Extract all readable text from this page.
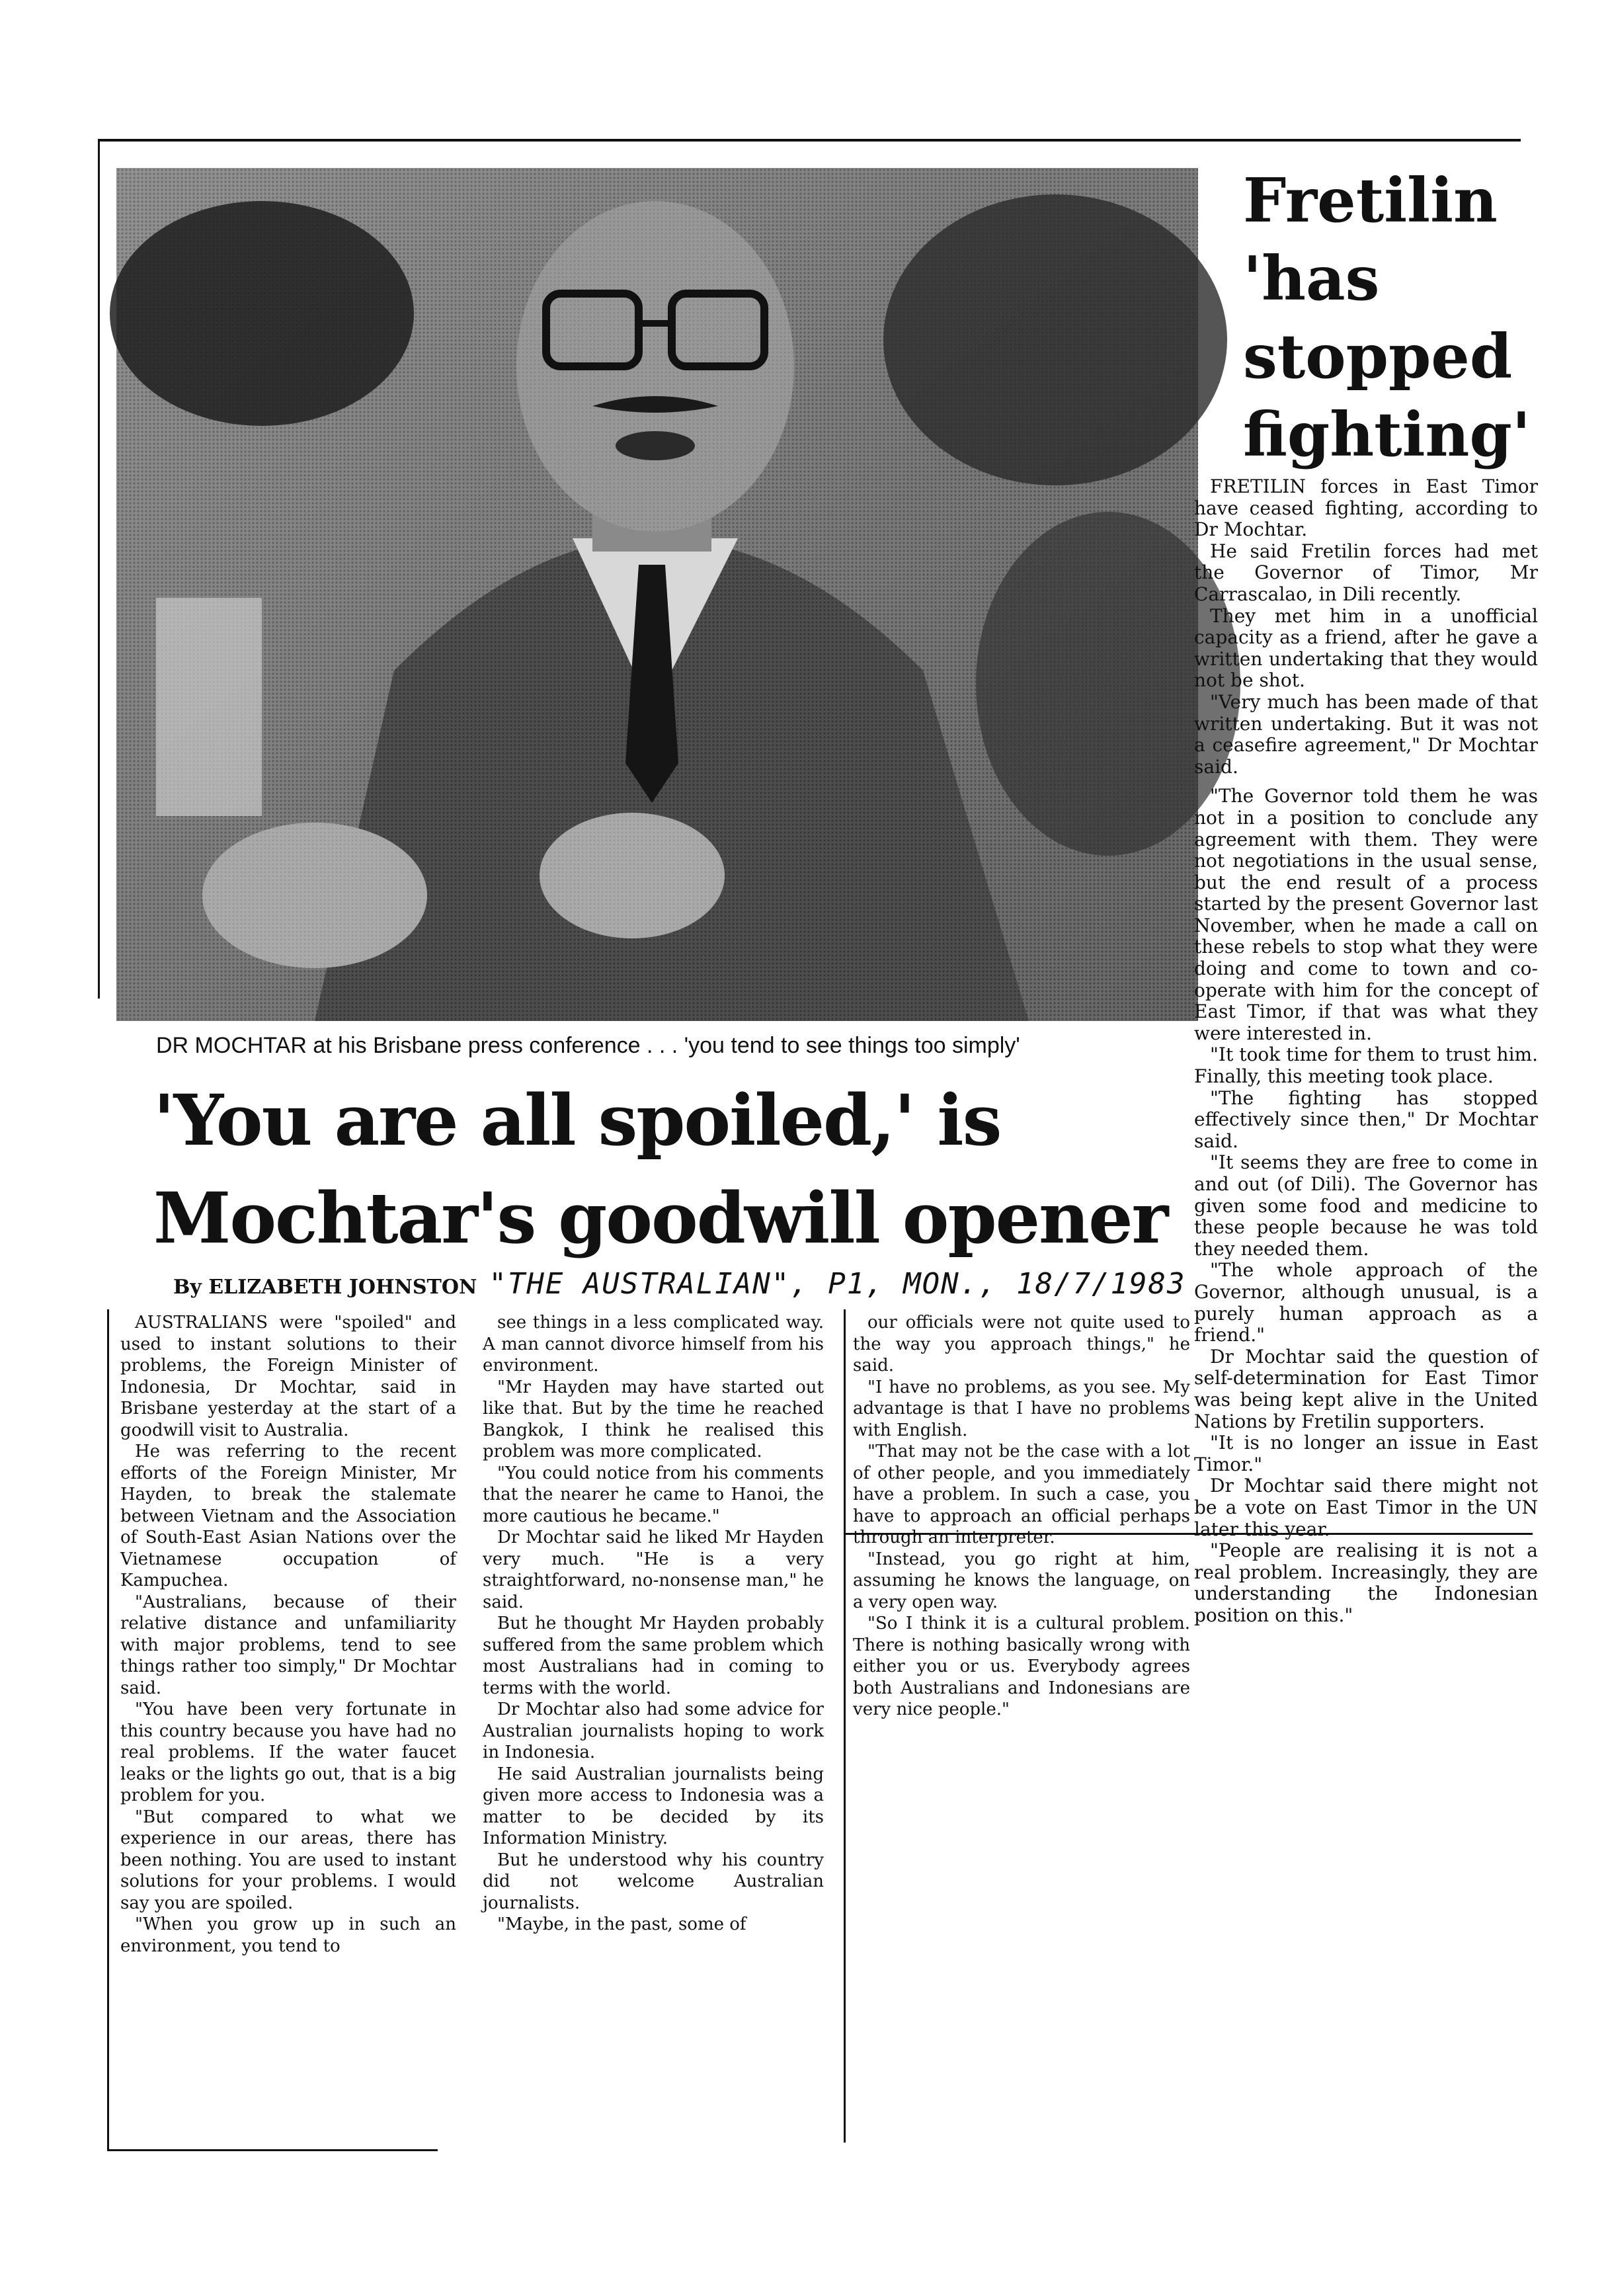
DR MOCHTAR at his Brisbane press conference . . . 'you tend to see things too simply'
'You are all spoiled,' is
Mochtar's goodwill opener
By ELIZABETH JOHNSTON "THE AUSTRALIAN", P1, MON., 18/7/1983

AUSTRALIANS were "spoiled" and used to instant solutions to their problems, the Foreign Minister of Indonesia, Dr Mochtar, said in Brisbane yesterday at the start of a goodwill visit to Australia.

He was referring to the recent efforts of the Foreign Minister, Mr Hayden, to break the stalemate between Vietnam and the Association of South-East Asian Nations over the Vietnamese occupation of Kampuchea.

"Australians, because of their relative distance and unfamiliarity with major problems, tend to see things rather too simply," Dr Mochtar said.

"You have been very fortunate in this country because you have had no real problems. If the water faucet leaks or the lights go out, that is a big problem for you.

"But compared to what we experience in our areas, there has been nothing. You are used to instant solutions for your problems. I would say you are spoiled.

"When you grow up in such an environment, you tend to

see things in a less complicated way. A man cannot divorce himself from his environment.

"Mr Hayden may have started out like that. But by the time he reached Bangkok, I think he realised this problem was more complicated.

"You could notice from his comments that the nearer he came to Hanoi, the more cautious he became."

Dr Mochtar said he liked Mr Hayden very much. "He is a very straightforward, no-nonsense man," he said.

But he thought Mr Hayden probably suffered from the same problem which most Australians had in coming to terms with the world.

Dr Mochtar also had some advice for Australian journalists hoping to work in Indonesia.

He said Australian journalists being given more access to Indonesia was a matter to be decided by its Information Ministry.

But he understood why his country did not welcome Australian journalists.

"Maybe, in the past, some of

our officials were not quite used to the way you approach things," he said.

"I have no problems, as you see. My advantage is that I have no problems with English.

"That may not be the case with a lot of other people, and you immediately have a problem. In such a case, you have to approach an official perhaps through an interpreter.

"Instead, you go right at him, assuming he knows the language, on a very open way.

"So I think it is a cultural problem. There is nothing basically wrong with either you or us. Everybody agrees both Australians and Indonesians are very nice people."

Fretilin
'has
stopped
fighting'

FRETILIN forces in East Timor have ceased fighting, according to Dr Mochtar.

He said Fretilin forces had met the Governor of Timor, Mr Carrascalao, in Dili recently.

They met him in a unofficial capacity as a friend, after he gave a written undertaking that they would not be shot.

"Very much has been made of that written undertaking. But it was not a ceasefire agreement," Dr Mochtar said.

"The Governor told them he was not in a position to conclude any agreement with them. They were not negotiations in the usual sense, but the end result of a process started by the present Governor last November, when he made a call on these rebels to stop what they were doing and come to town and co-operate with him for the concept of East Timor, if that was what they were interested in.

"It took time for them to trust him. Finally, this meeting took place.

"The fighting has stopped effectively since then," Dr Mochtar said.

"It seems they are free to come in and out (of Dili). The Governor has given some food and medicine to these people because he was told they needed them.

"The whole approach of the Governor, although unusual, is a purely human approach as a friend."

Dr Mochtar said the question of self-determination for East Timor was being kept alive in the United Nations by Fretilin supporters.

"It is no longer an issue in East Timor."

Dr Mochtar said there might not be a vote on East Timor in the UN later this year.

"People are realising it is not a real problem. Increasingly, they are understanding the Indonesian position on this."
